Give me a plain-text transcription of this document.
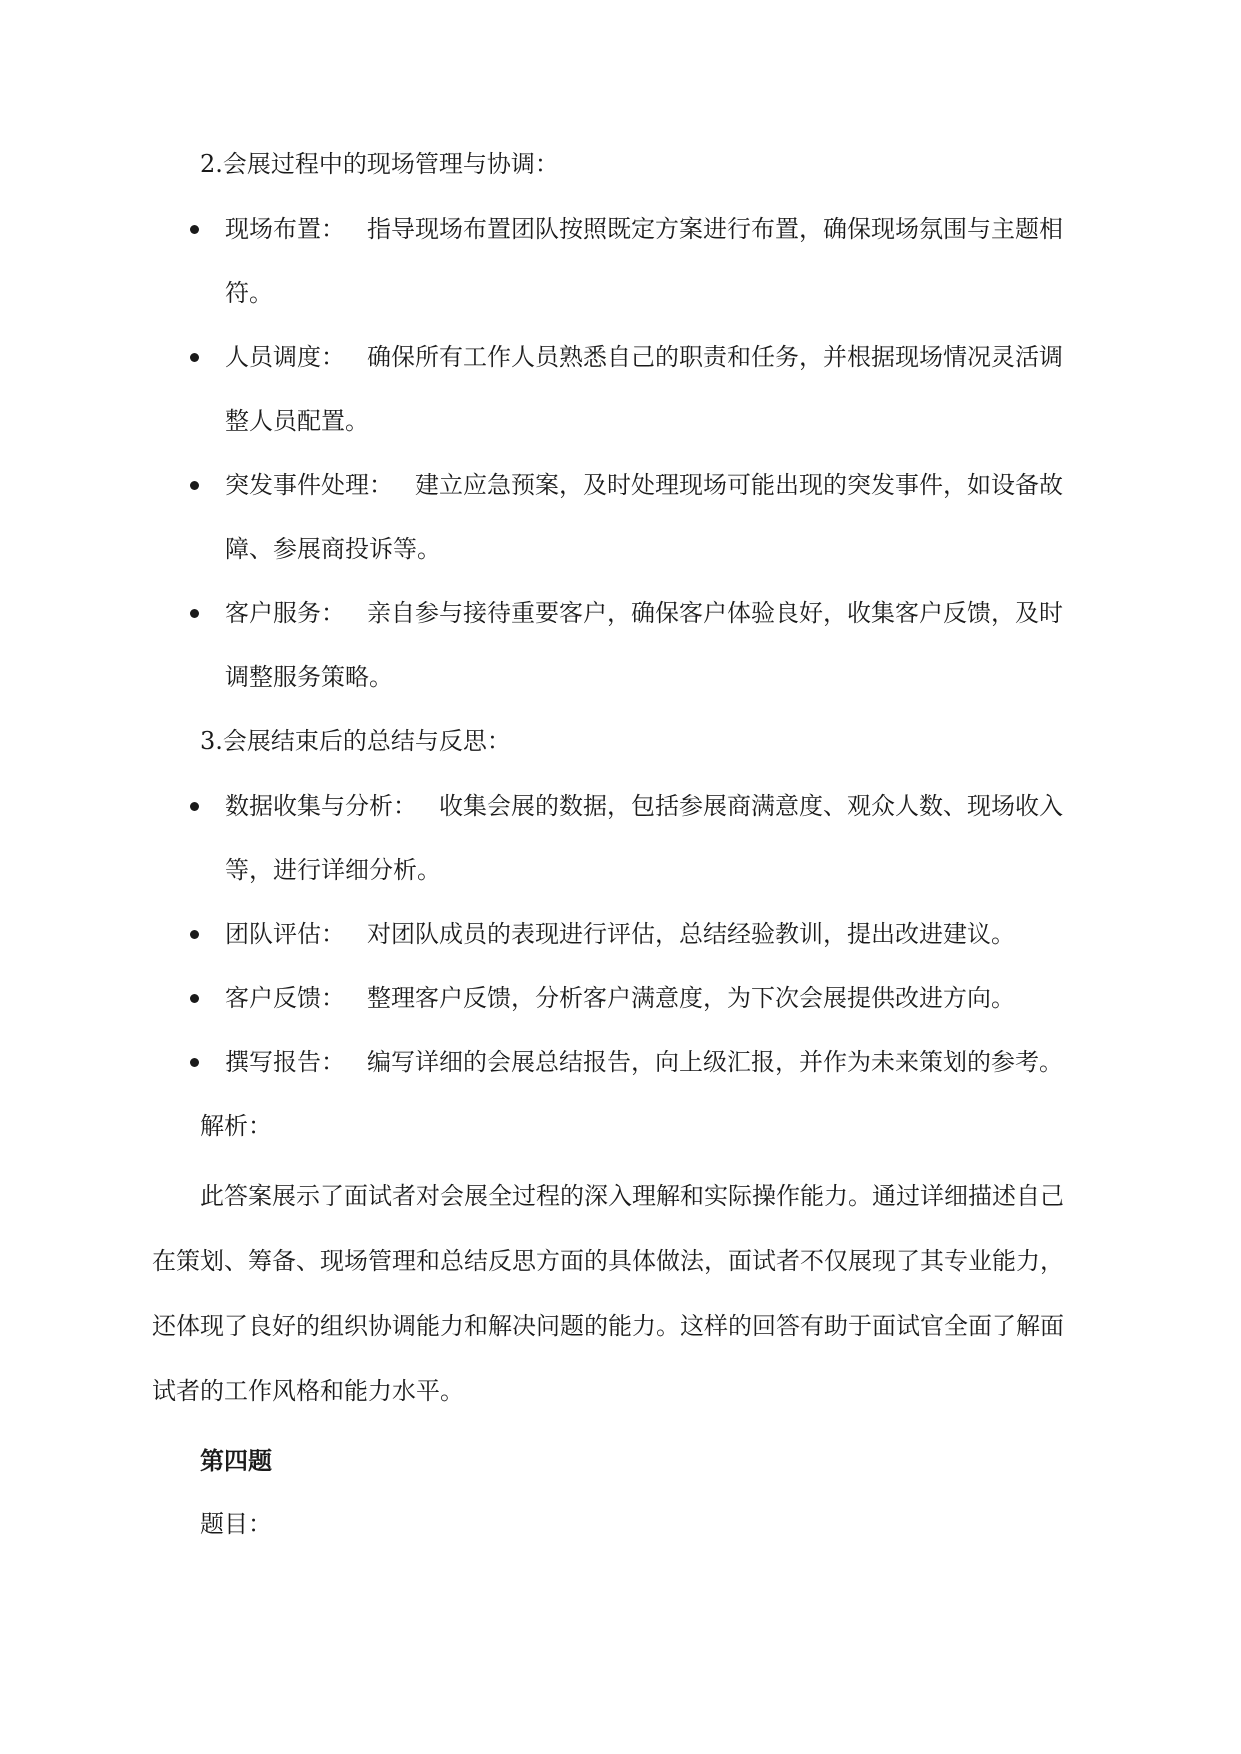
2.会展过程中的现场管理与协调：
现场布置： 指导现场布置团队按照既定方案进行布置，确保现场氛围与主题相
符。
人员调度： 确保所有工作人员熟悉自己的职责和任务，并根据现场情况灵活调
整人员配置。
突发事件处理： 建立应急预案，及时处理现场可能出现的突发事件，如设备故
障、参展商投诉等。
客户服务： 亲自参与接待重要客户，确保客户体验良好，收集客户反馈，及时
调整服务策略。
3.会展结束后的总结与反思：
数据收集与分析： 收集会展的数据，包括参展商满意度、观众人数、现场收入
等，进行详细分析。
团队评估： 对团队成员的表现进行评估，总结经验教训，提出改进建议。
客户反馈： 整理客户反馈，分析客户满意度，为下次会展提供改进方向。
撰写报告： 编写详细的会展总结报告，向上级汇报，并作为未来策划的参考。
解析：
此答案展示了面试者对会展全过程的深入理解和实际操作能力。通过详细描述自己
在策划、筹备、现场管理和总结反思方面的具体做法，面试者不仅展现了其专业能力，
还体现了良好的组织协调能力和解决问题的能力。这样的回答有助于面试官全面了解面
试者的工作风格和能力水平。
第四题
题目：
